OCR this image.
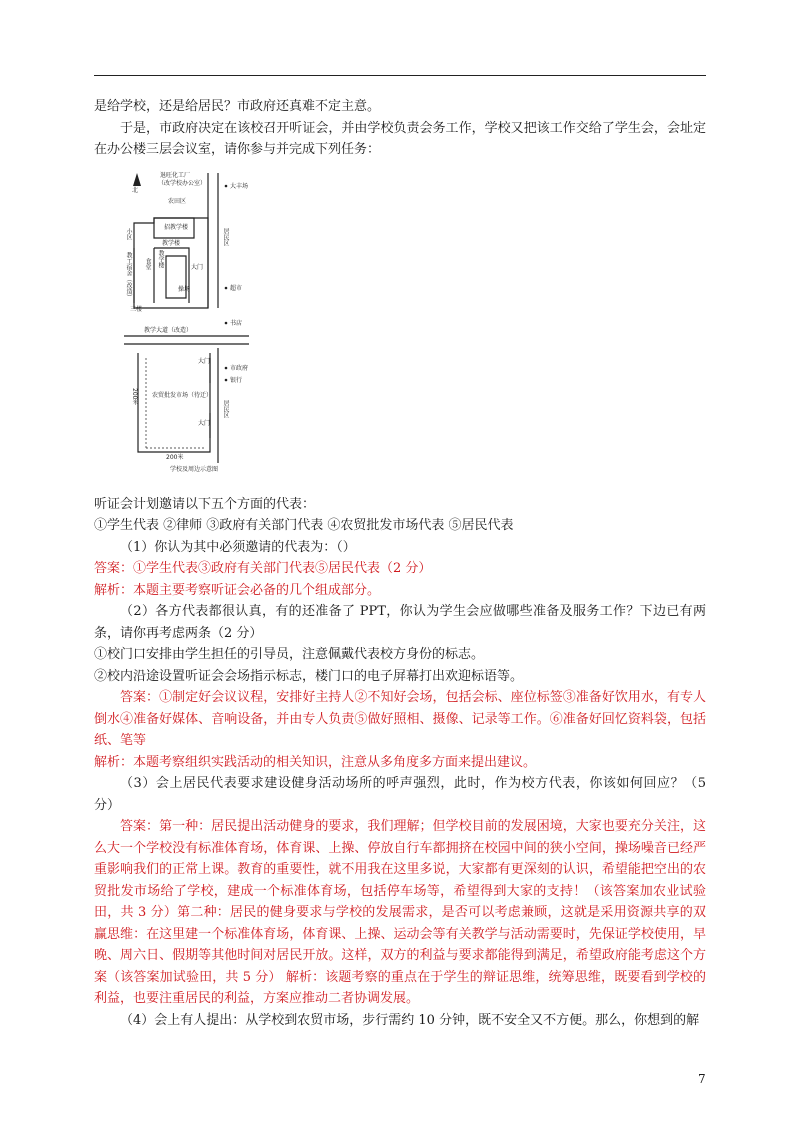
是给学校，还是给居民？市政府还真难不定主意。

于是，市政府决定在该校召开听证会，并由学校负责会务工作，学校又把该工作交给了学生会，会址定在办公楼三层会议室，请你参与并完成下列任务：

北
退旺化工厂
（改学校办公室）
农田区
招教学楼
教学楼
教学楼
操场
大门
大门
大门
教学大道（改造）
农贸批发市场（待迁）
居民区
居民区
小区
教工宿舍（改造） 食堂
三楼
大丰场
超市
书店
市政府
银行
200米
200米
学校及周边示意图

听证会计划邀请以下五个方面的代表：

①学生代表 ②律师 ③政府有关部门代表 ④农贸批发市场代表 ⑤居民代表

（1）你认为其中必须邀请的代表为：（）

答案：①学生代表③政府有关部门代表⑤居民代表（2 分）

解析：本题主要考察听证会必备的几个组成部分。

（2）各方代表都很认真，有的还准备了 PPT，你认为学生会应做哪些准备及服务工作？下边已有两条，请你再考虑两条（2 分）

①校门口安排由学生担任的引导员，注意佩戴代表校方身份的标志。

②校内沿途设置听证会会场指示标志，楼门口的电子屏幕打出欢迎标语等。

答案：①制定好会议议程，安排好主持人②不知好会场，包括会标、座位标签③准备好饮用水，有专人倒水④准备好媒体、音响设备，并由专人负责⑤做好照相、摄像、记录等工作。⑥准备好回忆资料袋，包括纸、笔等

解析：本题考察组织实践活动的相关知识，注意从多角度多方面来提出建议。

（3）会上居民代表要求建设健身活动场所的呼声强烈，此时，作为校方代表，你该如何回应？（5 分）

答案：第一种：居民提出活动健身的要求，我们理解；但学校目前的发展困境，大家也要充分关注，这么大一个学校没有标准体育场，体育课、上操、停放自行车都拥挤在校园中间的狭小空间，操场噪音已经严重影响我们的正常上课。教育的重要性，就不用我在这里多说，大家都有更深刻的认识，希望能把空出的农贸批发市场给了学校，建成一个标准体育场，包括停车场等，希望得到大家的支持！（该答案加农业试验田，共 3 分）第二种：居民的健身要求与学校的发展需求，是否可以考虑兼顾，这就是采用资源共享的双赢思维：在这里建一个标准体育场，体育课、上操、运动会等有关教学与活动需要时，先保证学校使用，早晚、周六日、假期等其他时间对居民开放。这样，双方的利益与要求都能得到满足，希望政府能考虑这个方案（该答案加试验田，共 5 分） 解析：该题考察的重点在于学生的辩证思维，统筹思维，既要看到学校的利益，也要注重居民的利益，方案应推动二者协调发展。

（4）会上有人提出：从学校到农贸市场，步行需约 10 分钟，既不安全又不方便。那么，你想到的解

7
